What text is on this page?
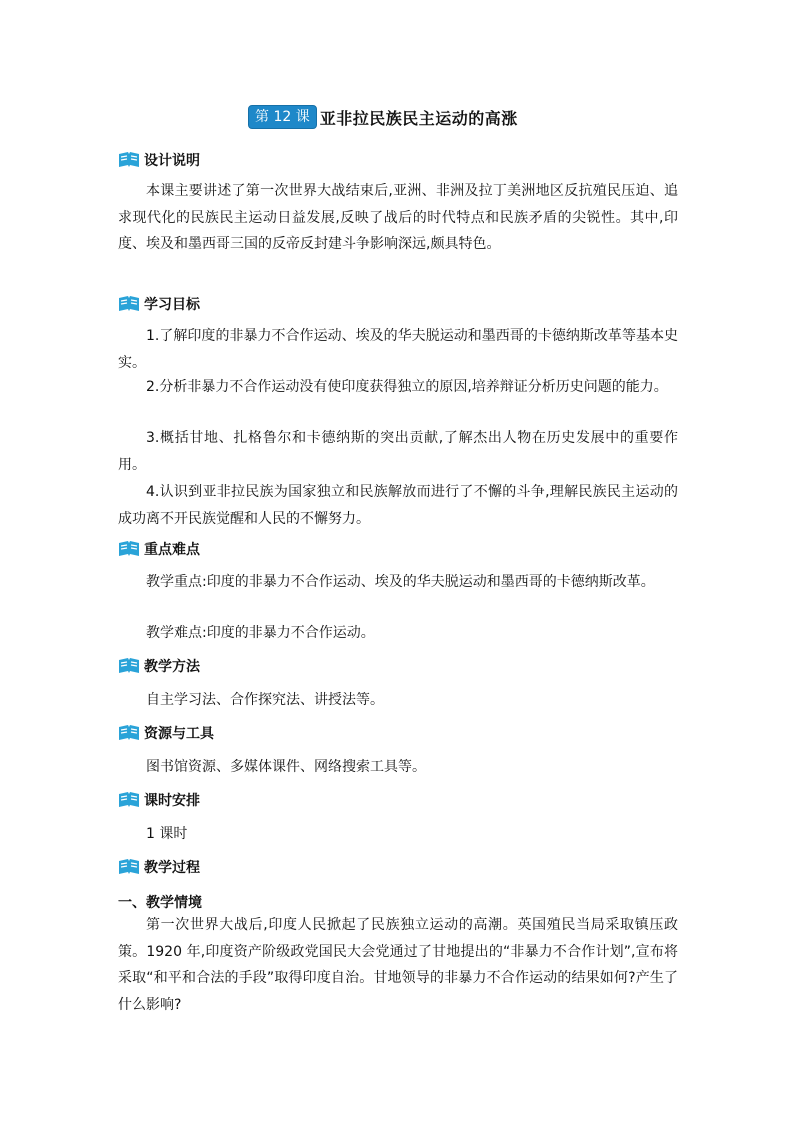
第 12 课 亚非拉民族民主运动的高涨
设计说明

本课主要讲述了第一次世界大战结束后,亚洲、非洲及拉丁美洲地区反抗殖民压迫、追求现代化的民族民主运动日益发展,反映了战后的时代特点和民族矛盾的尖锐性。其中,印度、埃及和墨西哥三国的反帝反封建斗争影响深远,颇具特色。

学习目标

1.了解印度的非暴力不合作运动、埃及的华夫脱运动和墨西哥的卡德纳斯改革等基本史实。

2.分析非暴力不合作运动没有使印度获得独立的原因,培养辩证分析历史问题的能力。

3.概括甘地、扎格鲁尔和卡德纳斯的突出贡献,了解杰出人物在历史发展中的重要作用。

4.认识到亚非拉民族为国家独立和民族解放而进行了不懈的斗争,理解民族民主运动的成功离不开民族觉醒和人民的不懈努力。

重点难点

教学重点:印度的非暴力不合作运动、埃及的华夫脱运动和墨西哥的卡德纳斯改革。

教学难点:印度的非暴力不合作运动。

教学方法

自主学习法、合作探究法、讲授法等。

资源与工具

图书馆资源、多媒体课件、网络搜索工具等。

课时安排

1 课时

教学过程
一、教学情境

第一次世界大战后,印度人民掀起了民族独立运动的高潮。英国殖民当局采取镇压政策。1920 年,印度资产阶级政党国民大会党通过了甘地提出的“非暴力不合作计划”,宣布将采取“和平和合法的手段”取得印度自治。甘地领导的非暴力不合作运动的结果如何?产生了什么影响?
